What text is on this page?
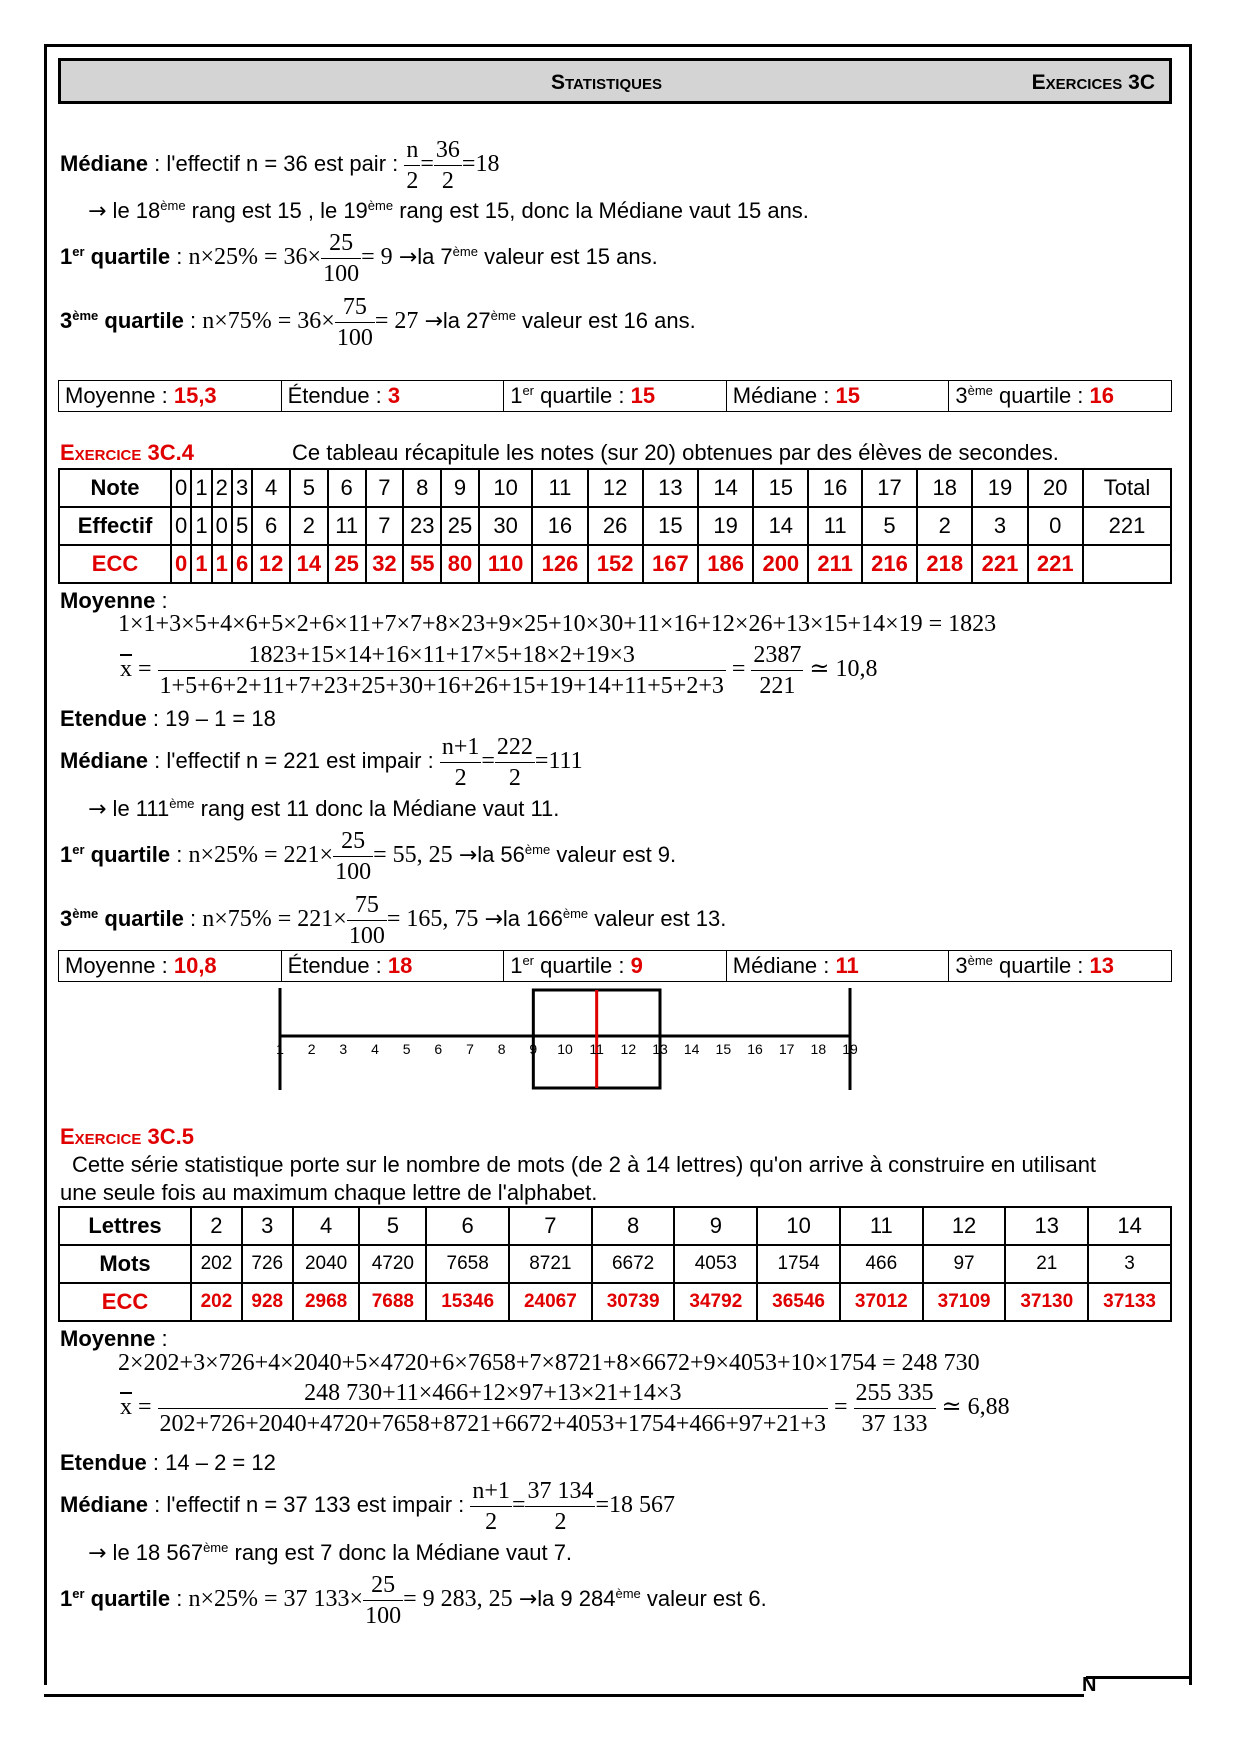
N
Statistiques	Exercices 3C
Médiane : l'effectif n = 36 est pair : $\frac{n}{2} = \frac{36}{2} =18$
→ le 18ème rang est 15 , le 19ème rang est 15, donc la Médiane vaut 15 ans.
1er quartile : $n\times 25\% = 36\times \frac{25}{100} = 9 \to la$ 7ème valeur est 15 ans.
3ème quartile : $n\times 75\% = 36\times \frac{75}{100} = 27 \to la$ 27ème valeur est 16 ans.
Moyenne : 15,3	Étendue : 3	1er quartile : 15	Médiane : 15	3ème quartile : 16
Exercice 3C.4	Ce tableau récapitule les notes (sur 20) obtenues par des élèves de secondes.
Note	0	1	2	3	4	5	6	7	8	9	10	11	12	13	14	15	16	17	18	19	20	Total
Effectif	0	1	0	5	6	2	11	7	23	25	30	16	26	15	19	14	11	5	2	3	0	221
ECC	0	1	1	6	12	14	25	32	55	80	110	126	152	167	186	200	211	216	218	221	221	
Moyenne :
1×1+3×5+4×6+5×2+6×11+7×7+8×23+9×25+10×30+11×16+12×26+13×15+14×19 = 1823
$\overline{x} = \frac{1823+15\times 14+16\times 11+17\times 5+18\times 2+19\times 3}{1+5+6+2+11+7+23+25+30+16+26+15+19+14+11+5+2+3} = \frac{2387}{221}$ ≃ 10,8
Etendue : 19 – 1 = 18
Médiane : l'effectif n = 221 est impair : $\frac{n+1}{2} = \frac{222}{2} =111$
→ le 111ème rang est 11 donc la Médiane vaut 11.
1er quartile : $n\times 25\% = 221\times \frac{25}{100} = 55$, 25 →la 56ème valeur est 9.
3ème quartile : $n\times 75\% = 221\times \frac{75}{100} = 165$, 75 →la 166ème valeur est 13.
Moyenne : 10,8	Étendue : 18	1er quartile : 9	Médiane : 11	3ème quartile : 13
1 2 3 4 5 6 7 8 9 10 11 12 13 14 15 16 17 18 19
Exercice 3C.5
Cette série statistique porte sur le nombre de mots (de 2 à 14 lettres) qu'on arrive à construire en utilisant
une seule fois au maximum chaque lettre de l'alphabet.
Lettres	2	3	4	5	6	7	8	9	10	11	12	13	14
Mots	202	726	2040	4720	7658	8721	6672	4053	1754	466	97	21	3
ECC	202	928	2968	7688	15346	24067	30739	34792	36546	37012	37109	37130	37133
Moyenne :
2×202+3×726+4×2040+5×4720+6×7658+7×8721+8×6672+9×4053+10×1754 = 248 730
$\overline{x} = \frac{248 730+11\times 466+12\times 97+13\times 21+14\times 3}{202+726+2040+4720+7658+8721+6672+4053+1754+466+97+21+3} = \frac{255 335}{37 133}$ ≃ 6,88
Etendue : 14 – 2 = 12
Médiane : l'effectif n = 37 133 est impair : $\frac{n+1}{2} = \frac{37 134}{2} =18$ 567
→ le 18 567ème rang est 7 donc la Médiane vaut 7.
1er quartile : n×25% = 37 $133\times \frac{25}{100} = 9$ 283, 25 →la 9 284ème valeur est 6.
